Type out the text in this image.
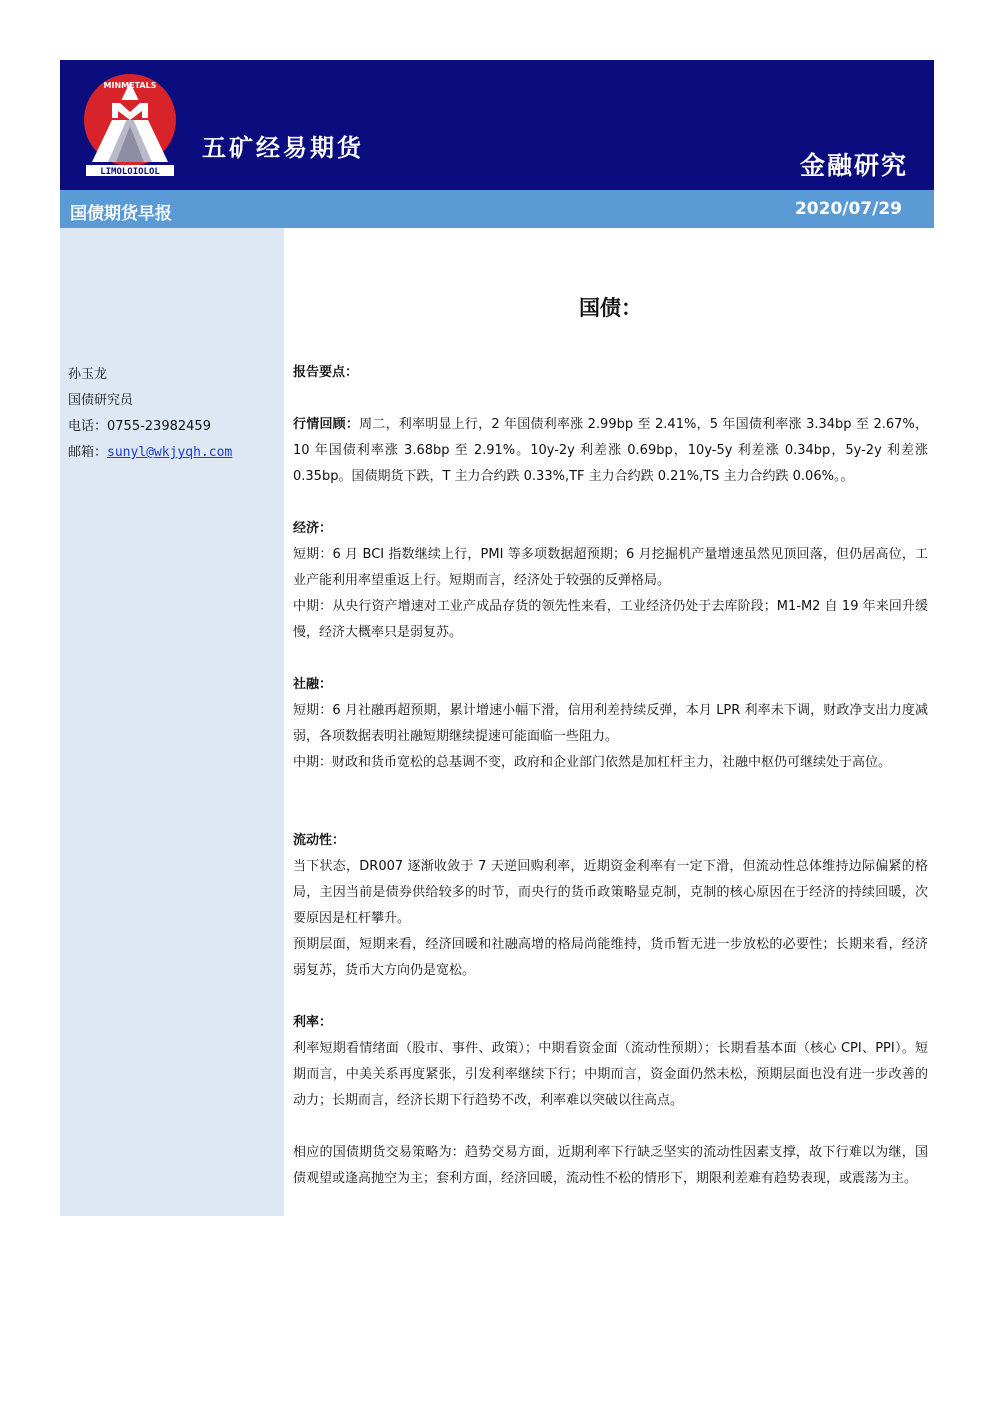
LIMOLOIOLOL
MINMETALS
五矿经易期货
金融研究
国债期货早报	2020/07/29
孙玉龙
国债研究员
电话：0755-23982459
邮箱：sunyl@wkjyqh.com
国债：
报告要点：

行情回顾：周二，利率明显上行，2 年国债利率涨 2.99bp 至 2.41%，5 年国债利率涨 3.34bp 至 2.67%，10 年国债利率涨 3.68bp 至 2.91%。10y-2y 利差涨 0.69bp，10y-5y 利差涨 0.34bp，5y-2y 利差涨 0.35bp。国债期货下跌，T 主力合约跌 0.33%,TF 主力合约跌 0.21%,TS 主力合约跌 0.06%。。

经济：

短期：6 月 BCI 指数继续上行，PMI 等多项数据超预期；6 月挖掘机产量增速虽然见顶回落，但仍居高位，工业产能利用率望重返上行。短期而言，经济处于较强的反弹格局。

中期：从央行资产增速对工业产成品存货的领先性来看，工业经济仍处于去库阶段；M1-M2 自 19 年来回升缓慢，经济大概率只是弱复苏。

社融：

短期：6 月社融再超预期，累计增速小幅下滑，信用利差持续反弹，本月 LPR 利率未下调，财政净支出力度减弱，各项数据表明社融短期继续提速可能面临一些阻力。

中期：财政和货币宽松的总基调不变，政府和企业部门依然是加杠杆主力，社融中枢仍可继续处于高位。

流动性：

当下状态，DR007 逐渐收敛于 7 天逆回购利率，近期资金利率有一定下滑，但流动性总体维持边际偏紧的格局，主因当前是债券供给较多的时节，而央行的货币政策略显克制，克制的核心原因在于经济的持续回暖，次要原因是杠杆攀升。

预期层面，短期来看，经济回暖和社融高增的格局尚能维持，货币暂无进一步放松的必要性；长期来看，经济弱复苏，货币大方向仍是宽松。

利率：

利率短期看情绪面（股市、事件、政策）；中期看资金面（流动性预期）；长期看基本面（核心 CPI、PPI）。短期而言，中美关系再度紧张，引发利率继续下行；中期而言，资金面仍然未松，预期层面也没有进一步改善的动力；长期而言，经济长期下行趋势不改，利率难以突破以往高点。

相应的国债期货交易策略为：趋势交易方面，近期利率下行缺乏坚实的流动性因素支撑，故下行难以为继，国债观望或逢高抛空为主；套利方面，经济回暖，流动性不松的情形下，期限利差难有趋势表现，或震荡为主。
